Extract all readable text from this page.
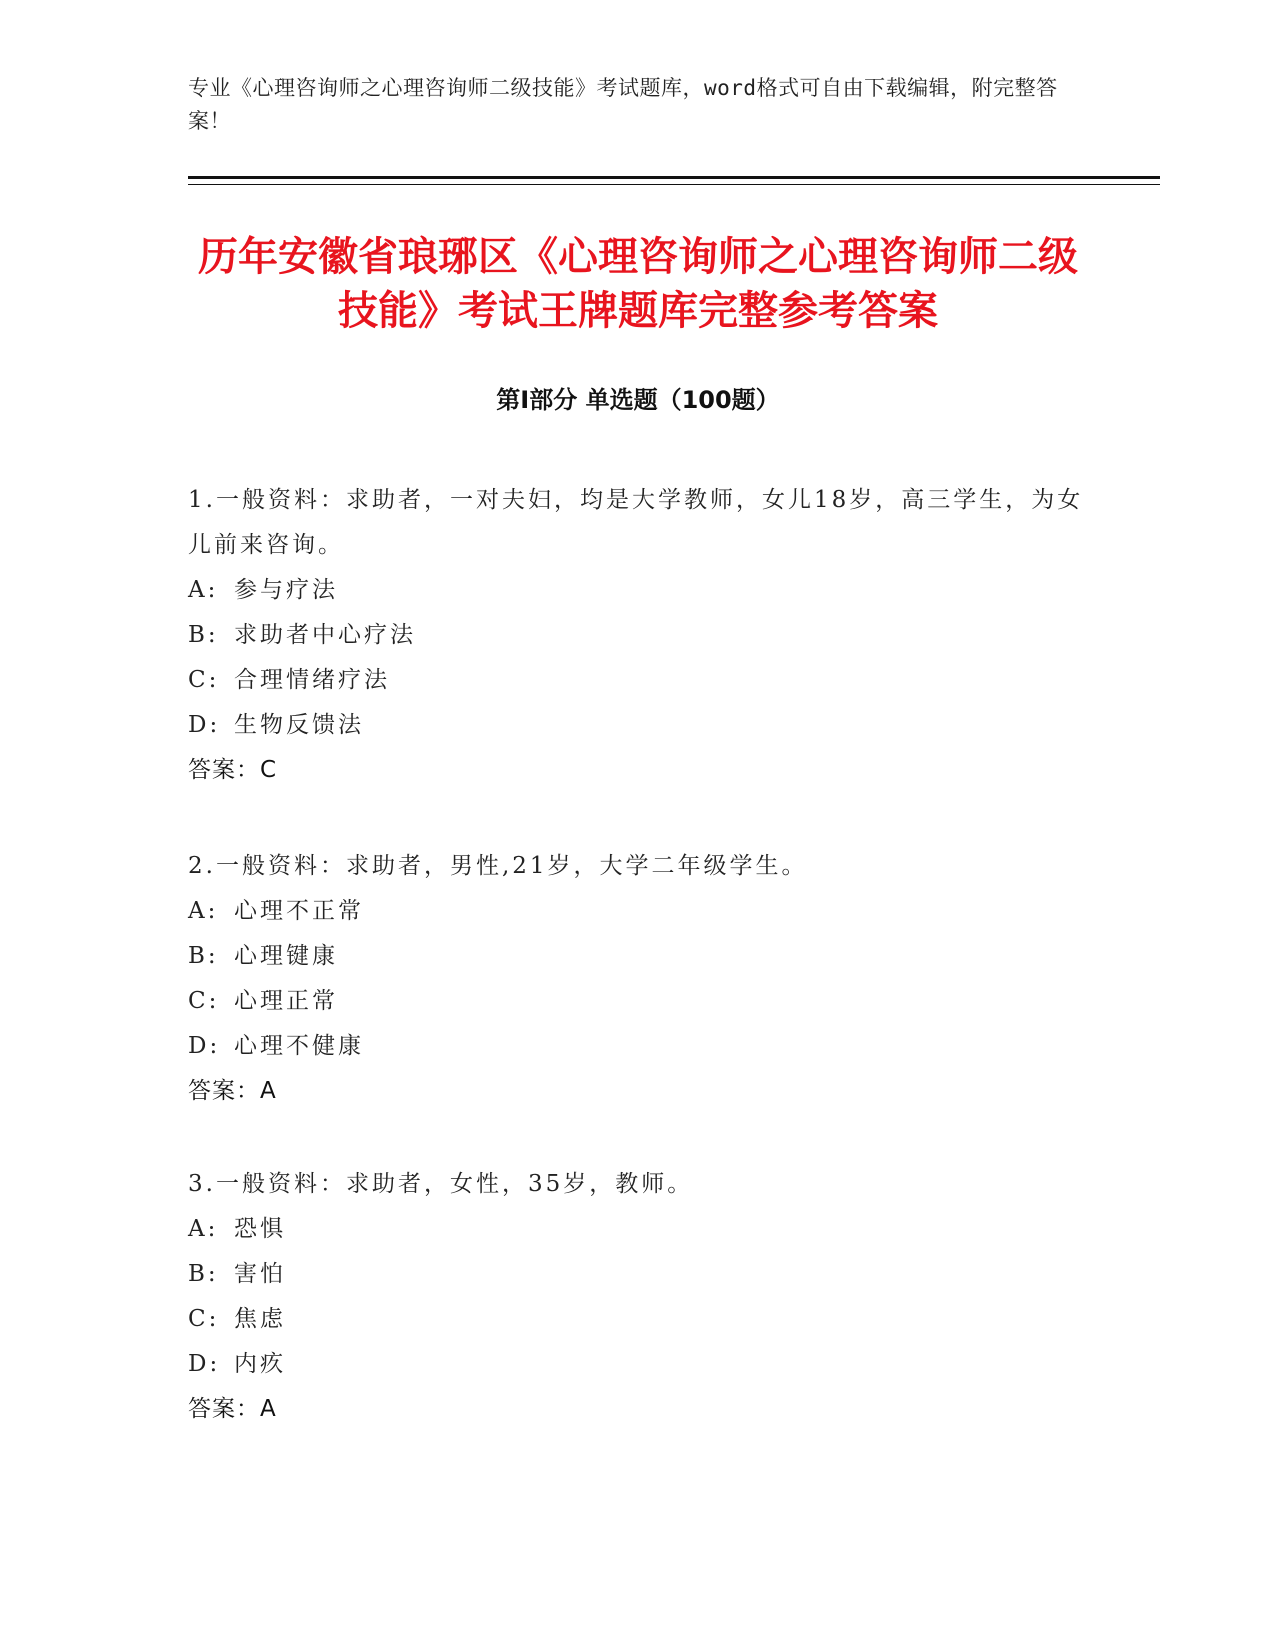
专业《心理咨询师之心理咨询师二级技能》考试题库，word格式可自由下载编辑，附完整答案！
历年安徽省琅琊区《心理咨询师之心理咨询师二级技能》考试王牌题库完整参考答案
第Ⅰ部分 单选题（100题）
1.一般资料：求助者，一对夫妇，均是大学教师，女儿18岁，高三学生，为女儿前来咨询。
A: 参与疗法
B: 求助者中心疗法
C: 合理情绪疗法
D: 生物反馈法
答案：C
2.一般资料：求助者，男性,21岁，大学二年级学生。
A: 心理不正常
B: 心理键康
C: 心理正常
D: 心理不健康
答案：A
3.一般资料：求助者，女性，35岁，教师。
A: 恐惧
B: 害怕
C: 焦虑
D: 内疚
答案：A
